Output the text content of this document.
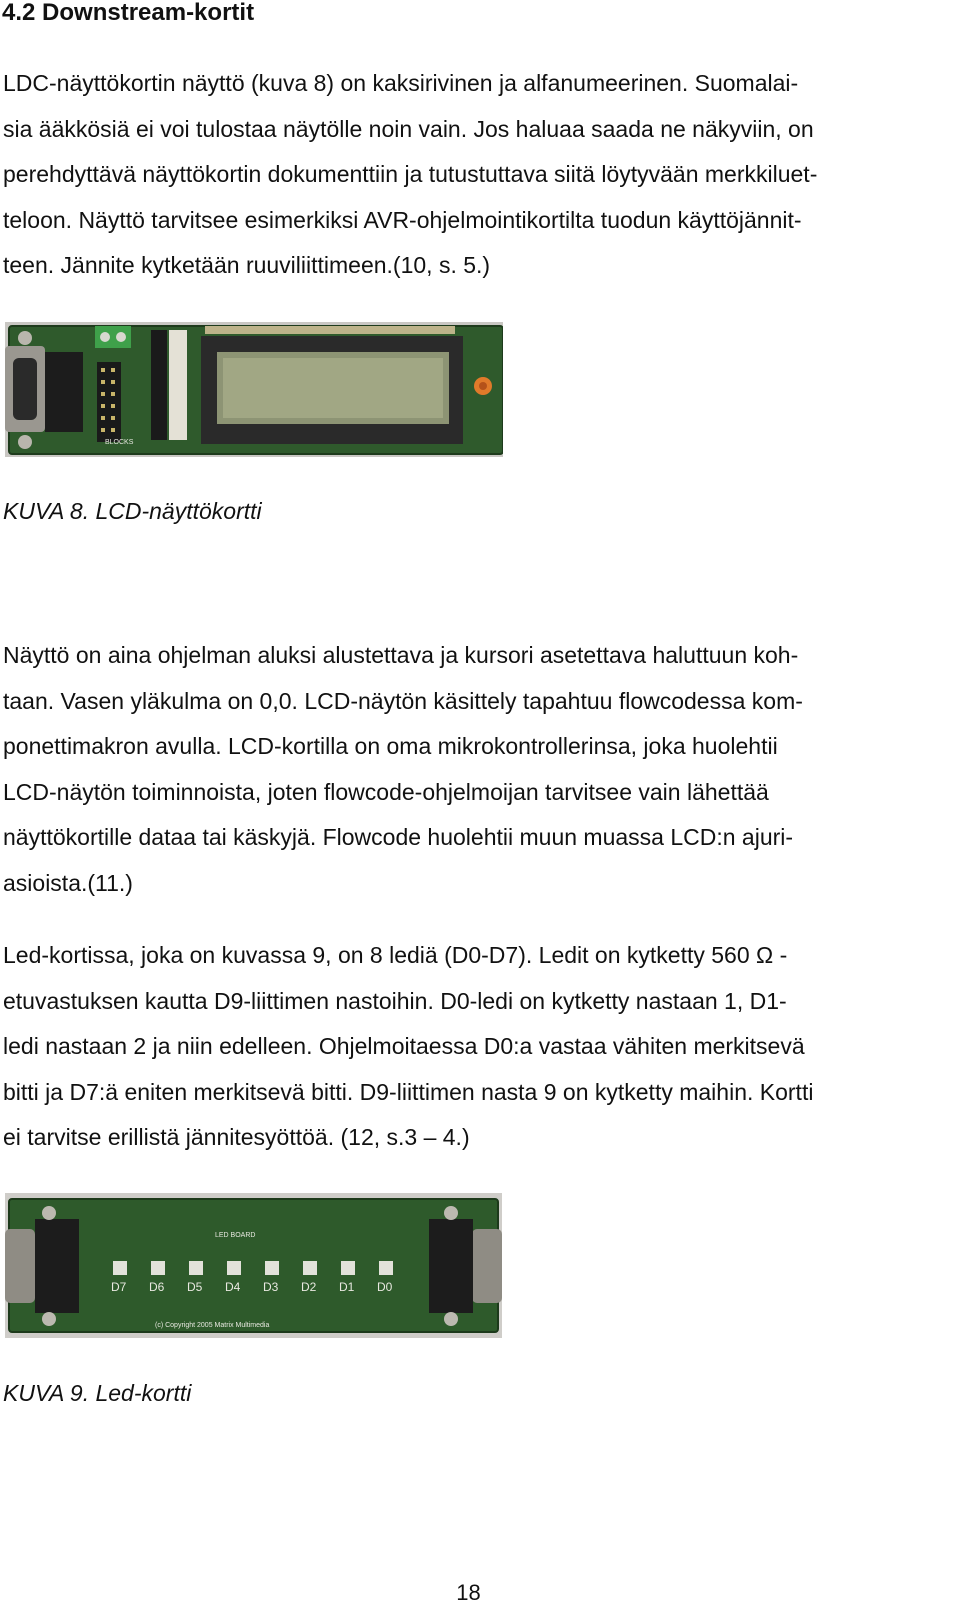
4.2 Downstream-kortit
LDC-näyttökortin näyttö (kuva 8) on kaksirivinen ja alfanumeerinen. Suomalai-
sia ääkkösiä ei voi tulostaa näytölle noin vain. Jos haluaa saada ne näkyviin, on
perehdyttävä näyttökortin dokumenttiin ja tutustuttava siitä löytyvään merkkiluet-
teloon. Näyttö tarvitsee esimerkiksi AVR-ohjelmointikortilta tuodun käyttöjännit-
teen. Jännite kytketään ruuviliittimeen.(10, s. 5.)
BLOCKS
KUVA 8. LCD-näyttökortti
Näyttö on aina ohjelman aluksi alustettava ja kursori asetettava haluttuun koh-
taan. Vasen yläkulma on 0,0. LCD-näytön käsittely tapahtuu flowcodessa kom-
ponettimakron avulla. LCD-kortilla on oma mikrokontrollerinsa, joka huolehtii
LCD-näytön toiminnoista, joten flowcode-ohjelmoijan tarvitsee vain lähettää
näyttökortille dataa tai käskyjä. Flowcode huolehtii muun muassa LCD:n ajuri-
asioista.(11.)
Led-kortissa, joka on kuvassa 9, on 8 lediä (D0-D7). Ledit on kytketty 560 Ω -
etuvastuksen kautta D9-liittimen nastoihin. D0-ledi on kytketty nastaan 1, D1-
ledi nastaan 2 ja niin edelleen. Ohjelmoitaessa D0:a vastaa vähiten merkitsevä
bitti ja D7:ä eniten merkitsevä bitti. D9-liittimen nasta 9 on kytketty maihin. Kortti
ei tarvitse erillistä jännitesyöttöä. (12, s.3 – 4.)
D7 D6 D5 D4 D3 D2 D1 D0
LED BOARD
(c) Copyright 2005 Matrix Multimedia
KUVA 9. Led-kortti
18
